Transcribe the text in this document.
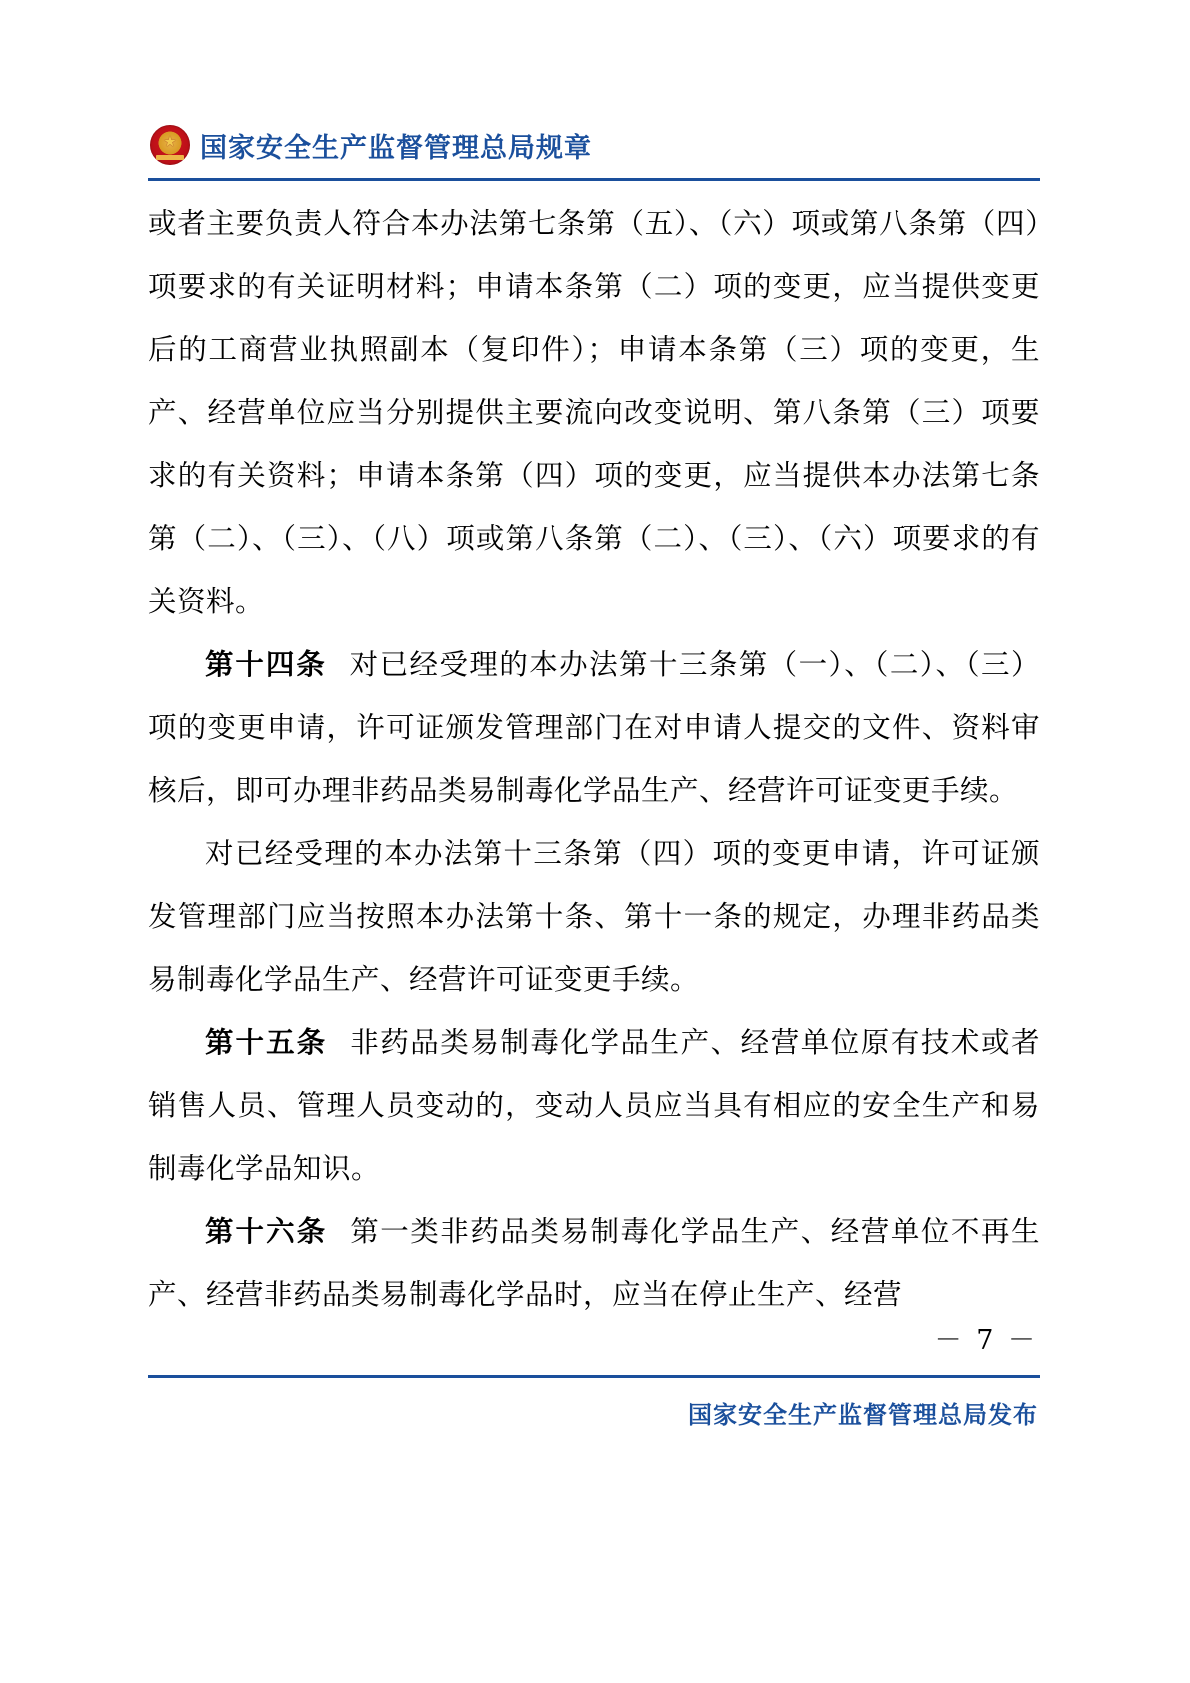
★
国家安全生产监督管理总局规章

或者主要负责人符合本办法第七条第（五）、（六）项或第八条第（四）项要求的有关证明材料；申请本条第（二）项的变更，应当提供变更后的工商营业执照副本（复印件）；申请本条第（三）项的变更，生产、经营单位应当分别提供主要流向改变说明、第八条第（三）项要求的有关资料；申请本条第（四）项的变更，应当提供本办法第七条第（二）、（三）、（八）项或第八条第（二）、（三）、（六）项要求的有关资料。

第十四条 对已经受理的本办法第十三条第（一）、（二）、（三）项的变更申请，许可证颁发管理部门在对申请人提交的文件、资料审核后，即可办理非药品类易制毒化学品生产、经营许可证变更手续。

对已经受理的本办法第十三条第（四）项的变更申请，许可证颁发管理部门应当按照本办法第十条、第十一条的规定，办理非药品类易制毒化学品生产、经营许可证变更手续。

第十五条 非药品类易制毒化学品生产、经营单位原有技术或者销售人员、管理人员变动的，变动人员应当具有相应的安全生产和易制毒化学品知识。

第十六条 第一类非药品类易制毒化学品生产、经营单位不再生产、经营非药品类易制毒化学品时，应当在停止生产、经营

－ 7 －
国家安全生产监督管理总局发布
